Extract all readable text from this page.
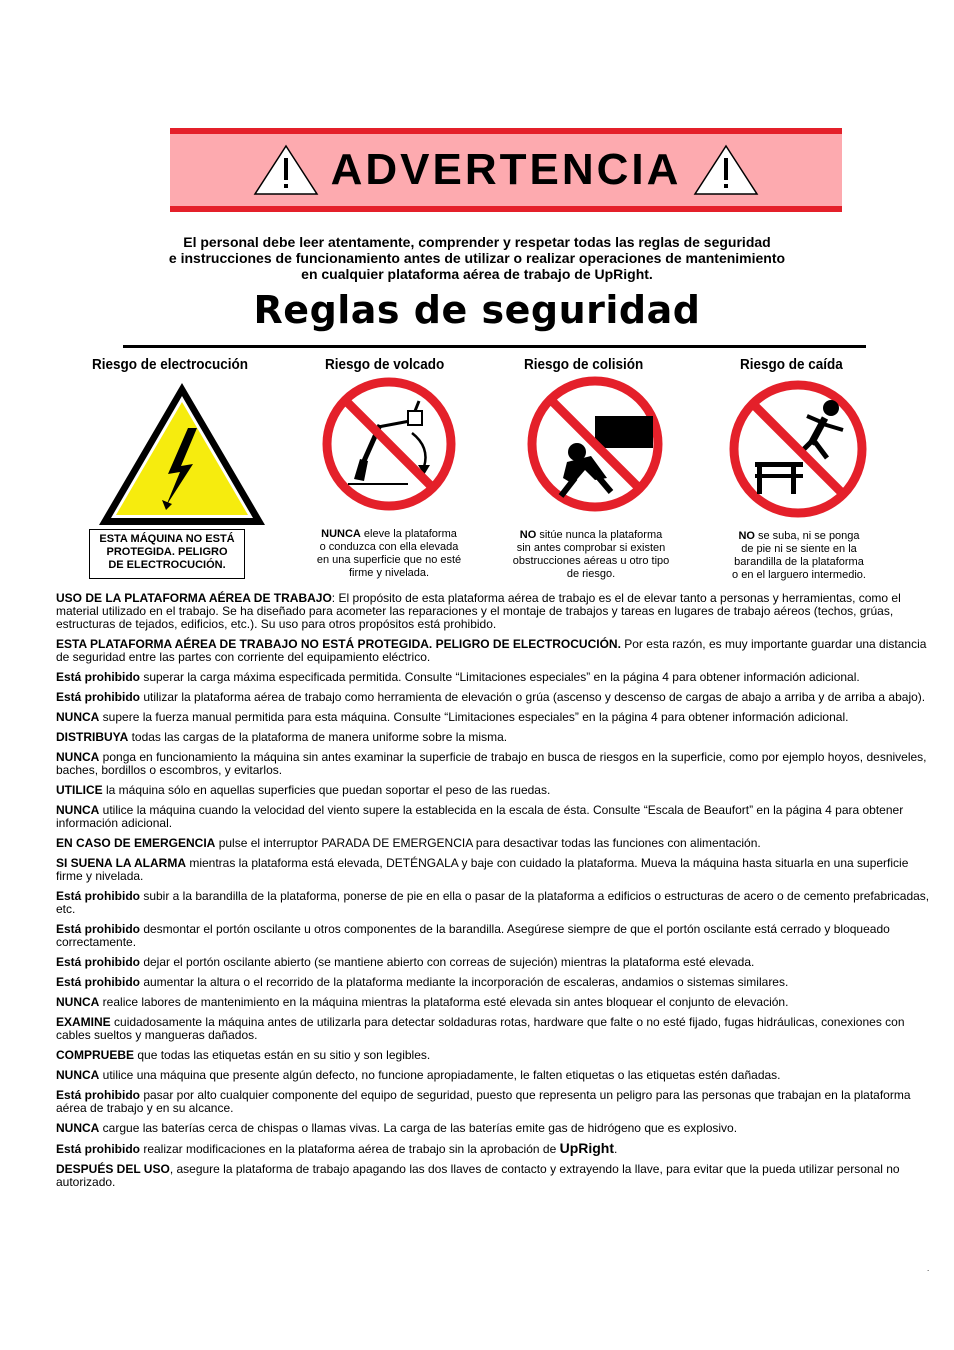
ADVERTENCIA
El personal debe leer atentamente, comprender y respetar todas las reglas de seguridad
e instrucciones de funcionamiento antes de utilizar o realizar operaciones de mantenimiento
en cualquier plataforma aérea de trabajo de UpRight.
Reglas de seguridad
Riesgo de electrocución	Riesgo de volcado	Riesgo de colisión	Riesgo de caída
ESTA MÁQUINA NO ESTÁ
PROTEGIDA. PELIGRO
DE ELECTROCUCIÓN.
NUNCA eleve la plataforma
o conduzca con ella elevada
en una superficie que no esté
firme y nivelada.
NO sitúe nunca la plataforma
sin antes comprobar si existen
obstrucciones aéreas u otro tipo
de riesgo.
NO se suba, ni se ponga
de pie ni se siente en la
barandilla de la plataforma
o en el larguero intermedio.

USO DE LA PLATAFORMA AÉREA DE TRABAJO: El propósito de esta plataforma aérea de trabajo es el de elevar tanto a personas y herramientas, como el material utilizado en el trabajo. Se ha diseñado para acometer las reparaciones y el montaje de trabajos y tareas en lugares de trabajo aéreos (techos, grúas, estructuras de tejados, edificios, etc.). Su uso para otros propósitos está prohibido.

ESTA PLATAFORMA AÉREA DE TRABAJO NO ESTÁ PROTEGIDA. PELIGRO DE ELECTROCUCIÓN. Por esta razón, es muy importante guardar una distancia de seguridad entre las partes con corriente del equipamiento eléctrico.

Está prohibido superar la carga máxima especificada permitida. Consulte “Limitaciones especiales” en la página 4 para obtener información adicional.

Está prohibido utilizar la plataforma aérea de trabajo como herramienta de elevación o grúa (ascenso y descenso de cargas de abajo a arriba y de arriba a abajo).

NUNCA supere la fuerza manual permitida para esta máquina. Consulte “Limitaciones especiales” en la página 4 para obtener información adicional.

DISTRIBUYA todas las cargas de la plataforma de manera uniforme sobre la misma.

NUNCA ponga en funcionamiento la máquina sin antes examinar la superficie de trabajo en busca de riesgos en la superficie, como por ejemplo hoyos, desniveles, baches, bordillos o escombros, y evitarlos.

UTILICE la máquina sólo en aquellas superficies que puedan soportar el peso de las ruedas.

NUNCA utilice la máquina cuando la velocidad del viento supere la establecida en la escala de ésta. Consulte “Escala de Beaufort” en la página 4 para obtener información adicional.

EN CASO DE EMERGENCIA pulse el interruptor PARADA DE EMERGENCIA para desactivar todas las funciones con alimentación.

SI SUENA LA ALARMA mientras la plataforma está elevada, DETÉNGALA y baje con cuidado la plataforma. Mueva la máquina hasta situarla en una superficie firme y nivelada.

Está prohibido subir a la barandilla de la plataforma, ponerse de pie en ella o pasar de la plataforma a edificios o estructuras de acero o de cemento prefabricadas, etc.

Está prohibido desmontar el portón oscilante u otros componentes de la barandilla. Asegúrese siempre de que el portón oscilante está cerrado y bloqueado correctamente.

Está prohibido dejar el portón oscilante abierto (se mantiene abierto con correas de sujeción) mientras la plataforma esté elevada.

Está prohibido aumentar la altura o el recorrido de la plataforma mediante la incorporación de escaleras, andamios o sistemas similares.

NUNCA realice labores de mantenimiento en la máquina mientras la plataforma esté elevada sin antes bloquear el conjunto de elevación.

EXAMINE cuidadosamente la máquina antes de utilizarla para detectar soldaduras rotas, hardware que falte o no esté fijado, fugas hidráulicas, conexiones con cables sueltos y mangueras dañados.

COMPRUEBE que todas las etiquetas están en su sitio y son legibles.

NUNCA utilice una máquina que presente algún defecto, no funcione apropiadamente, le falten etiquetas o las etiquetas estén dañadas.

Está prohibido pasar por alto cualquier componente del equipo de seguridad, puesto que representa un peligro para las personas que trabajan en la plataforma aérea de trabajo y en su alcance.

NUNCA cargue las baterías cerca de chispas o llamas vivas. La carga de las baterías emite gas de hidrógeno que es explosivo.

Está prohibido realizar modificaciones en la plataforma aérea de trabajo sin la aprobación de UpRight.

DESPUÉS DEL USO, asegure la plataforma de trabajo apagando las dos llaves de contacto y extrayendo la llave, para evitar que la pueda utilizar personal no autorizado.

.
